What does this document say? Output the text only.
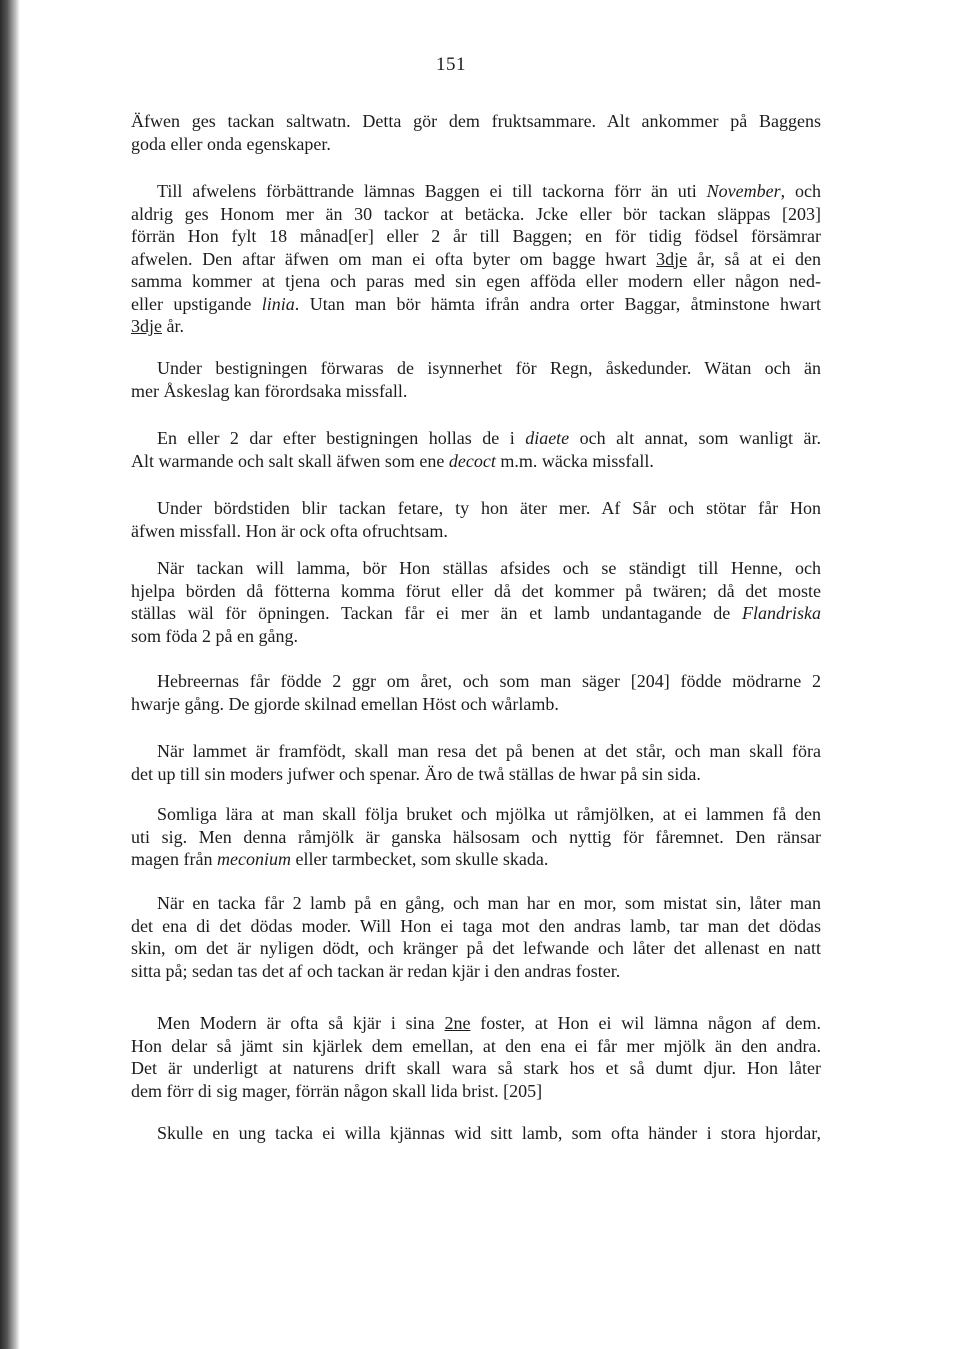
151
Äfwen ges tackan saltwatn. Detta gör dem fruktsammare. Alt ankommer på Baggens
goda eller onda egenskaper.
Till afwelens förbättrande lämnas Baggen ei till tackorna förr än uti November, och
aldrig ges Honom mer än 30 tackor at betäcka. Jcke eller bör tackan släppas [203]
förrän Hon fylt 18 månad[er] eller 2 år till Baggen; en för tidig födsel försämrar
afwelen. Den aftar äfwen om man ei ofta byter om bagge hwart 3dje år, så at ei den
samma kommer at tjena och paras med sin egen afföda eller modern eller någon ned-
eller upstigande linia. Utan man bör hämta ifrån andra orter Baggar, åtminstone hwart
3dje år.
Under bestigningen förwaras de isynnerhet för Regn, åskedunder. Wätan och än
mer Åskeslag kan förordsaka missfall.
En eller 2 dar efter bestigningen hollas de i diaete och alt annat, som wanligt är.
Alt warmande och salt skall äfwen som ene decoct m.m. wäcka missfall.
Under bördstiden blir tackan fetare, ty hon äter mer. Af Sår och stötar får Hon
äfwen missfall. Hon är ock ofta ofruchtsam.
När tackan will lamma, bör Hon ställas afsides och se ständigt till Henne, och
hjelpa börden då fötterna komma förut eller då det kommer på twären; då det moste
ställas wäl för öpningen. Tackan får ei mer än et lamb undantagande de Flandriska
som föda 2 på en gång.
Hebreernas får födde 2 ggr om året, och som man säger [204] födde mödrarne 2
hwarje gång. De gjorde skilnad emellan Höst och wårlamb.
När lammet är framfödt, skall man resa det på benen at det står, och man skall föra
det up till sin moders jufwer och spenar. Äro de twå ställas de hwar på sin sida.
Somliga lära at man skall följa bruket och mjölka ut råmjölken, at ei lammen få den
uti sig. Men denna råmjölk är ganska hälsosam och nyttig för fåremnet. Den ränsar
magen från meconium eller tarmbecket, som skulle skada.
När en tacka får 2 lamb på en gång, och man har en mor, som mistat sin, låter man
det ena di det dödas moder. Will Hon ei taga mot den andras lamb, tar man det dödas
skin, om det är nyligen dödt, och kränger på det lefwande och låter det allenast en natt
sitta på; sedan tas det af och tackan är redan kjär i den andras foster.
Men Modern är ofta så kjär i sina 2ne foster, at Hon ei wil lämna någon af dem.
Hon delar så jämt sin kjärlek dem emellan, at den ena ei får mer mjölk än den andra.
Det är underligt at naturens drift skall wara så stark hos et så dumt djur. Hon låter
dem förr di sig mager, förrän någon skall lida brist. [205]
Skulle en ung tacka ei willa kjännas wid sitt lamb, som ofta händer i stora hjordar,
